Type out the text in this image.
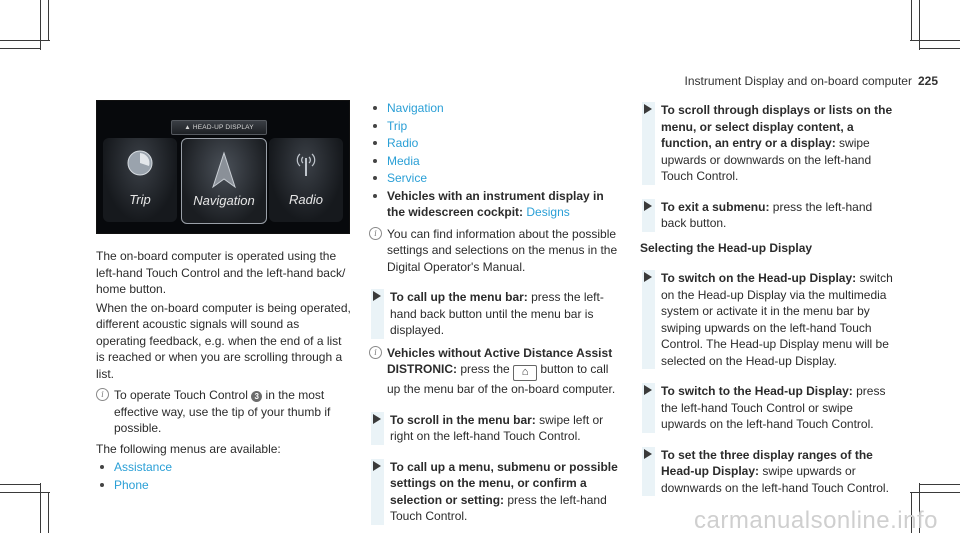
Instrument Display and on-board computer 225
▲ HEAD-UP DISPLAY
Trip	Navigation	Radio

The on-board computer is operated using the left-hand Touch Control and the left-hand back/ home button.

When the on-board computer is being operated, different acoustic signals will sound as operating feedback, e.g. when the end of a list is reached or when you are scrolling through a list.

i To operate Touch Control 3 in the most effective way, use the tip of your thumb if possible.

The following menus are available:

Assistance
Phone
Navigation
Trip
Radio
Media
Service
Vehicles with an instrument display in the widescreen cockpit: Designs
i You can find information about the possible settings and selections on the menus in the Digital Operator's Manual.
To call up the menu bar: press the left-hand back button until the menu bar is displayed.
i Vehicles without Active Distance Assist DISTRONIC: press the ⌂ button to call up the menu bar of the on-board computer.
To scroll in the menu bar: swipe left or right on the left-hand Touch Control.
To call up a menu, submenu or possible settings on the menu, or confirm a selection or setting: press the left-hand Touch Control.
To scroll through displays or lists on the menu, or select display content, a function, an entry or a display: swipe upwards or downwards on the left-hand Touch Control.
To exit a submenu: press the left-hand back button.
Selecting the Head-up Display
To switch on the Head-up Display: switch on the Head-up Display via the multimedia system or activate it in the menu bar by swiping upwards on the left-hand Touch Control. The Head-up Display menu will be selected on the Head-up Display.
To switch to the Head-up Display: press the left-hand Touch Control or swipe upwards on the left-hand Touch Control.
To set the three display ranges of the Head-up Display: swipe upwards or downwards on the left-hand Touch Control.
carmanualsonline.info
